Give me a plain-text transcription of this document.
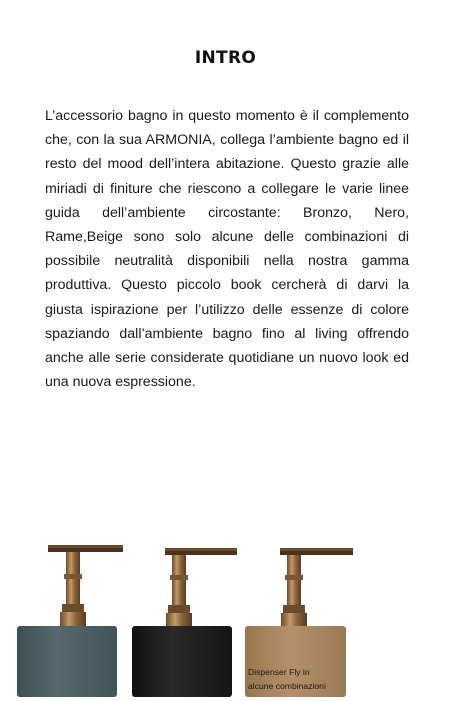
INTRO

L’accessorio bagno in questo momento è il complemento che, con la sua ARMONIA, collega l’ambiente bagno ed il resto del mood dell’intera abitazione. Questo grazie alle miriadi di finiture che riescono a collegare le varie linee guida dell’ambiente circostante: Bronzo, Nero, Rame,Beige sono solo alcune delle combinazioni di possibile neutralità disponibili nella nostra gamma produttiva. Questo piccolo book cercherà di darvi la giusta ispirazione per l’utilizzo delle essenze di colore spaziando dall’ambiente bagno fino al living offrendo anche alle serie considerate quotidiane un nuovo look ed una nuova espressione.

Dispenser Fly in
alcune combinazioni
